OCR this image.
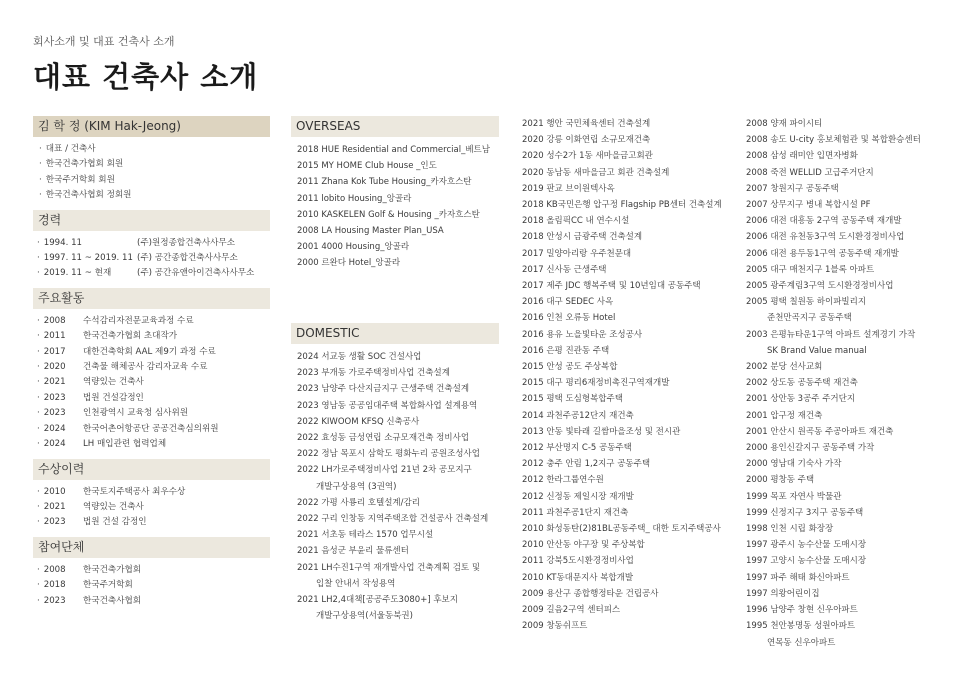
회사소개 및 대표 건축사 소개
대표 건축사 소개
김 학 정 (KIM Hak-Jeong)
· 대표 / 건축사
· 한국건축가협회 회원
· 한국주거학회 회원
· 한국건축사협회 정회원
경력
· 1994. 11	(주)원정종합건축사사무소
· 1997. 11 ~ 2019. 11 (주) 공간종합건축사사무소
· 2019. 11 ~ 현재	(주) 공간유앤아이건축사사무소
주요활동
· 2008	수석감리자전문교육과정 수료
· 2011	한국건축가협회 초대작가
· 2017	대한건축학회 AAL 제9기 과정 수료
· 2020	건축물 해체공사 감리자교육 수료
· 2021	역량있는 건축사
· 2023	법원 건설감정인
· 2023	인천광역시 교육청 심사위원
· 2024	한국어촌어항공단 공공건축심의위원
· 2024	LH 매입관련 협력업체
수상이력
· 2010	한국토지주택공사 최우수상
· 2021	역량있는 건축사
· 2023	법원 건설 감정인
참여단체
· 2008	한국건축가협회
· 2018	한국주거학회
· 2023	한국건축사협회
OVERSEAS
2018 HUE Residential and Commercial_베트남
2015 MY HOME Club House _인도
2011 Zhana Kok Tube Housing_카자흐스탄
2011 lobito Housing_앙골라
2010 KASKELEN Golf & Housing _카자흐스탄
2008 LA Housing Master Plan_USA
2001 4000 Housing_앙골라
2000 르완다 Hotel_앙골라
DOMESTIC
2024 서교동 생활 SOC 건설사업
2023 부개동 가로주택정비사업 건축설계
2023 남양주 다산지금지구 근생주택 건축설계
2023 영남동 공공임대주택 복합화사업 설계용역
2022 KIWOOM KFSQ 신축공사
2022 효성동 금성연립 소규모재건축 정비사업
2022 정남 목포시 삼학도 평화누리 공원조성사업
2022 LH가로주택정비사업 21년 2차 공모지구
개발구상용역 (3권역)
2022 가평 사룡리 호텔설계/감리
2022 구리 인창동 지역주택조합 건설공사 건축설계
2021 서초동 테라스 1570 업무시설
2021 음성군 부윤리 물류센터
2021 LH수진1구역 재개발사업 건축계획 검토 및
입찰 안내서 작성용역
2021 LH2,4대책[공공주도3080+] 후보지
개발구상용역(서울동북권)
2021 행안 국민체육센터 건축설계
2020 강릉 이화연립 소규모재건축
2020 성수2가 1동 새마을금고회관
2020 동남동 새마을금고 회관 건축설계
2019 판교 브이원텍사옥
2018 KB국민은행 압구정 Flagship PB센터 건축설계
2018 올림픽CC 내 연수시설
2018 안성시 금광주택 건축설계
2017 밀양아리랑 우주천문대
2017 신사동 근생주택
2017 제주 JDC 행복주택 및 10년임대 공동주택
2016 대구 SEDEC 사옥
2016 인천 오류동 Hotel
2016 용유 노을빛타운 조성공사
2016 은평 진관동 주택
2015 안성 공도 주상복합
2015 대구 평리6재정비촉진구역재개발
2015 평택 도심형복합주택
2014 과천주공12단지 재건축
2013 안동 빛타래 길쌈마을조성 및 전시관
2012 부산명지 C-5 공동주택
2012 충주 안림 1,2지구 공동주택
2012 한라그룹연수원
2012 신정동 제일시장 재개발
2011 과천주공1단지 재건축
2010 화성동탄(2)81BL공동주택_ 대한 토지주택공사
2010 안산동 야구장 및 주상복합
2011 강북5도시환경정비사업
2010 KT동대문지사 복합개발
2009 용산구 종합행정타운 건립공사
2009 길음2구역 센터피스
2009 창동쉬프트
2008 양재 파이시티
2008 송도 U-city 홍보체험관 및 복합환승센터
2008 삼성 래미안 입면자병화
2008 죽전 WELLID 고급주거단지
2007 창원지구 공동주택
2007 상무지구 병내 복합시설 PF
2006 대전 대흥동 2구역 공동주택 재개발
2006 대전 유천동3구역 도시환경정비사업
2006 대전 용두동1구역 공동주택 재개발
2005 대구 매천지구 1블록 아파트
2005 광주계림3구역 도시환경정비사업
2005 평택 칠원동 하이파빌리지
준천만곡지구 공동주택
2003 은평뉴타운1구역 아파트 설계경기 가작
SK Brand Value manual
2002 분당 선사교회
2002 상도동 공동주택 재건축
2001 상안동 3공주 주거단지
2001 압구정 재건축
2001 안산시 원곡동 주공아파트 재건축
2000 용인신갈지구 공동주택 가작
2000 영남대 기숙사 가작
2000 평창동 주택
1999 목포 자연사 박물관
1999 신정지구 3지구 공동주택
1998 인천 시립 화장장
1997 광주시 농수산물 도매시장
1997 고양시 농수산물 도매시장
1997 파주 해태 화신아파트
1997 의왕어린이집
1996 남양주 창현 신우아파트
1995 천안봉명동 성원아파트
연목동 신우아파트
